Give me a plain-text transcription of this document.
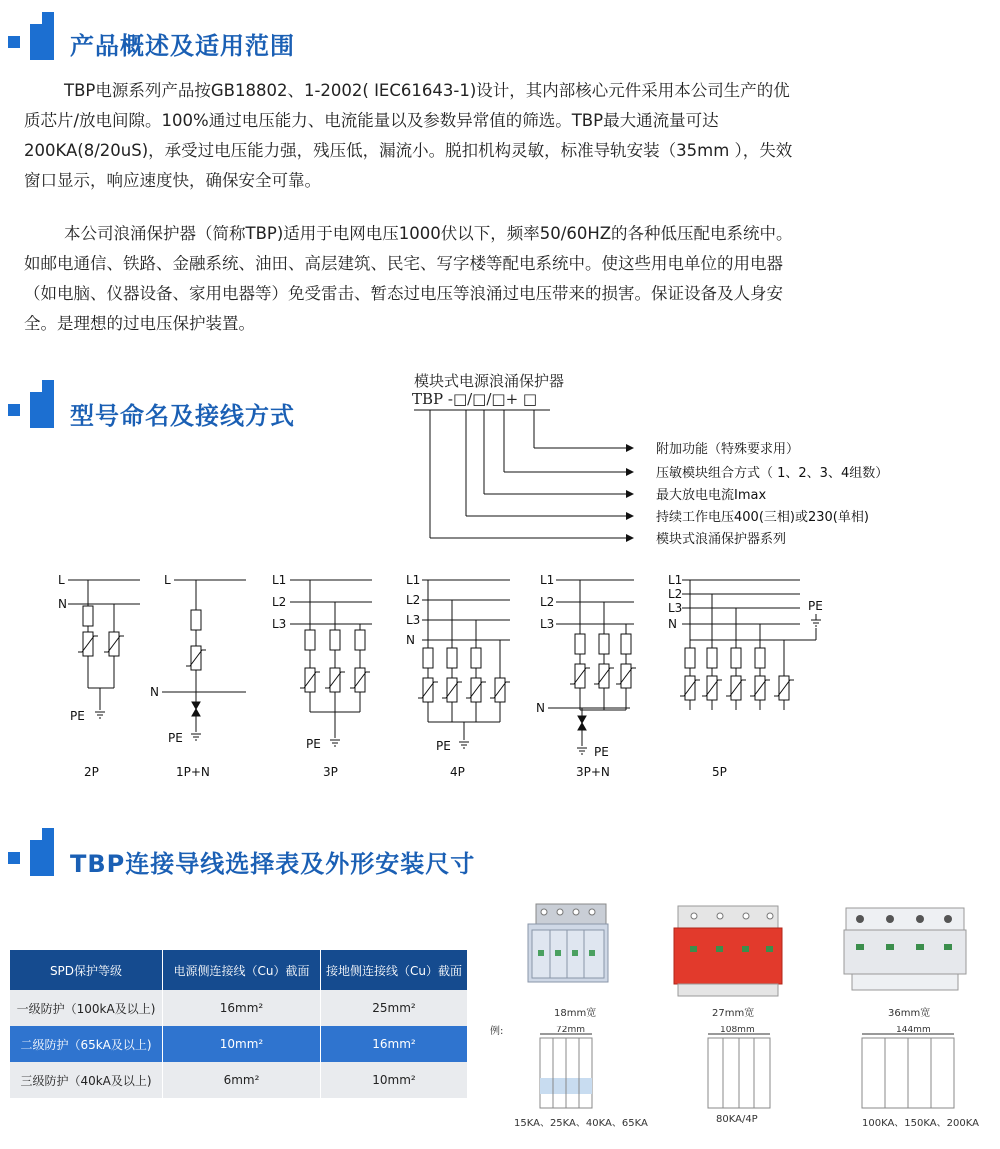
产品概述及适用范围

TBP电源系列产品按GB18802、1-2002( IEC61643-1)设计，其内部核心元件采用本公司生产的优

质芯片/放电间隙。100%通过电压能力、电流能量以及参数异常值的筛选。TBP最大通流量可达

200KA(8/20uS)，承受过电压能力强，残压低，漏流小。脱扣机构灵敏，标准导轨安装（35mm ），失效

窗口显示，响应速度快，确保安全可靠。

本公司浪涌保护器（简称TBP)适用于电网电压1000伏以下，频率50/60HZ的各种低压配电系统中。

如邮电通信、铁路、金融系统、油田、高层建筑、民宅、写字楼等配电系统中。使这些用电单位的用电器

（如电脑、仪器设备、家用电器等）免受雷击、暂态过电压等浪涌过电压带来的损害。保证设备及人身安

全。是理想的过电压保护装置。

型号命名及接线方式
模块式电源浪涌保护器
TBP -□/□/□+ □
附加功能（特殊要求用）
压敏模块组合方式（ 1、2、3、4组数）
最大放电电流Imax
持续工作电压400(三相)或230(单相)
模块式浪涌保护器系列
L
N
PE
2P
L
N
PE
1P+N
L1
L2
L3
PE
3P
L1
L2
L3
N
PE
4P
L1
L2
L3
N
PE
3P+N
L1
L2
L3
N
PE
5P
TBP连接导线选择表及外形安装尺寸
SPD保护等级	电源侧连接线（Cu）截面	接地侧连接线（Cu）截面
一级防护（100kA及以上)	16mm²	25mm²
二级防护（65kA及以上)	10mm²	16mm²
三级防护（40kA及以上)	6mm²	10mm²
18mm宽	27mm宽	36mm宽
例:	72mm	108mm	144mm
15KA、25KA、40KA、65KA	80KA/4P	100KA、150KA、200KA
